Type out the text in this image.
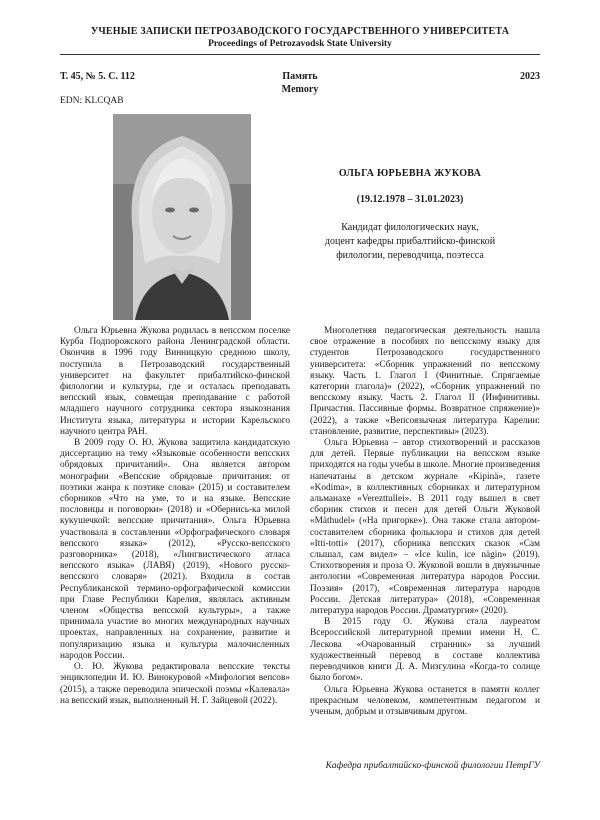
УЧЕНЫЕ ЗАПИСКИ ПЕТРОЗАВОДСКОГО ГОСУДАРСТВЕННОГО УНИВЕРСИТЕТА
Proceedings of Petrozavodsk State University
Т. 45, № 5. С. 112	Память
Memory
2023
EDN: KLCQAB
ОЛЬГА ЮРЬЕВНА ЖУКОВА
(19.12.1978 – 31.01.2023)
Кандидат филологических наук,
доцент кафедры прибалтийско-финской
филологии, переводчица, поэтесса

Ольга Юрьевна Жукова родилась в вепсском поселке Курба Подпорожского района Ленинградской области. Окончив в 1996 году Винницкую среднюю школу, поступила в Петрозаводский государственный университет на факультет прибалтийско-финской филологии и культуры, где и осталась преподавать вепсский язык, совмещая преподавание с работой младшего научного сотрудника сектора языкознания Института языка, литературы и истории Карельского научного центра РАН.

В 2009 году О. Ю. Жукова защитила кандидатскую диссертацию на тему «Языковые особенности вепсских обрядовых причитаний». Она является автором монографии «Вепсские обрядовые причитания: от поэтики жанра к поэтике слова» (2015) и составителем сборников «Что на уме, то и на языке. Вепсские пословицы и поговорки» (2018) и «Обернись-ка милой кукушечкой: вепсские причитания». Ольга Юрьевна участвовала в составлении «Орфографического словаря вепсского языка» (2012), «Русско-вепсского разговорника» (2018), «Лингвистического атласа вепсского языка» (ЛАВЯ) (2019), «Нового русско-вепсского словаря» (2021). Входила в состав Республиканской термино-орфографической комиссии при Главе Республики Карелия, являлась активным членом «Общества вепсской культуры», а также принимала участие во многих международных научных проектах, направленных на сохранение, развитие и популяризацию языка и культуры малочисленных народов России.

О. Ю. Жукова редактировала вепсские тексты энциклопедии И. Ю. Винокуровой «Мифология вепсов» (2015), а также переводила эпической поэмы «Калевала» на вепсский язык, выполненный Н. Г. Зайцевой (2022).

Многолетняя педагогическая деятельность нашла свое отражение в пособиях по вепсскому языку для студентов Петрозаводского государственного университета: «Сборник упражнений по вепсскому языку. Часть 1. Глагол I (Финитные. Спрягаемые категории глагола)» (2022), «Сборник упражнений по вепсскому языку. Часть 2. Глагол II (Инфинитивы. Причастия. Пассивные формы. Возвратное спряжение)» (2022), а также «Вепсоязычная литература Карелии: становление, развитие, перспективы» (2023).

Ольга Юрьевна – автор стихотворений и рассказов для детей. Первые публикации на вепсском языке приходятся на годы учебы в школе. Многие произведения напечатаны в детском журнале «Kipinä», газете «Kodima», в коллективных сборниках и литературном альманахе «Verezttullei». В 2011 году вышел в свет сборник стихов и песен для детей Ольги Жуковой «Mäthudel» («На пригорке»). Она также стала автором-составителем сборника фольклора и стихов для детей «Itti-totti» (2017), сборника вепсских сказок «Сам слышал, сам видел» – «Ice kulin, ice nägin» (2019). Стихотворения и проза О. Жуковой вошли в двуязычные антологии «Современная литература народов России. Поэзия» (2017), «Современная литература народов России. Детская литература» (2018), «Современная литература народов России. Драматургия» (2020).

В 2015 году О. Жукова стала лауреатом Всероссийской литературной премии имени Н. С. Лескова «Очарованный странник» за лучший художественный перевод в составе коллектива переводчиков книги Д. А. Мизгулина «Когда-то солнце было богом».

Ольга Юрьевна Жукова останется в памяти коллег прекрасным человеком, компетентным педагогом и ученым, добрым и отзывчивым другом.

Кафедра прибалтийско-финской филологии ПетрГУ
